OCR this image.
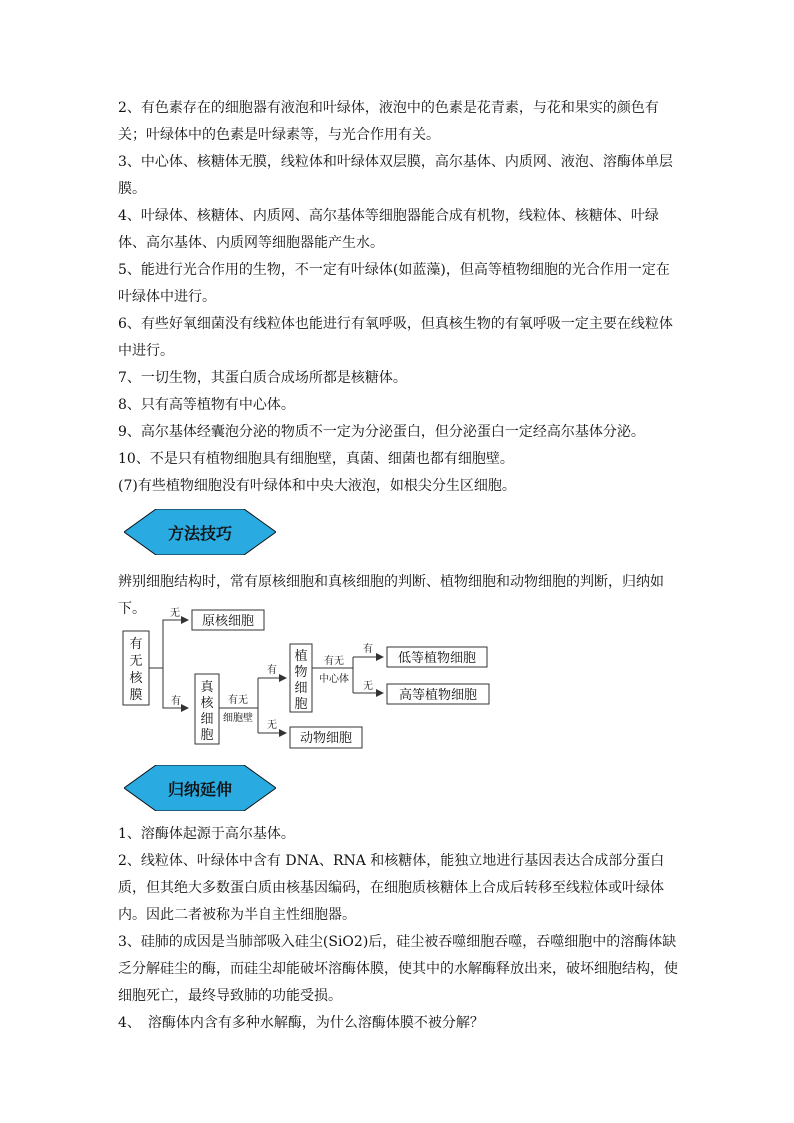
2、有色素存在的细胞器有液泡和叶绿体，液泡中的色素是花青素，与花和果实的颜色有关；叶绿体中的色素是叶绿素等，与光合作用有关。

3、中心体、核糖体无膜，线粒体和叶绿体双层膜，高尔基体、内质网、液泡、溶酶体单层膜。

4、叶绿体、核糖体、内质网、高尔基体等细胞器能合成有机物，线粒体、核糖体、叶绿体、高尔基体、内质网等细胞器能产生水。

5、能进行光合作用的生物，不一定有叶绿体(如蓝藻)，但高等植物细胞的光合作用一定在叶绿体中进行。

6、有些好氧细菌没有线粒体也能进行有氧呼吸，但真核生物的有氧呼吸一定主要在线粒体中进行。

7、一切生物，其蛋白质合成场所都是核糖体。

8、只有高等植物有中心体。

9、高尔基体经囊泡分泌的物质不一定为分泌蛋白，但分泌蛋白一定经高尔基体分泌。

10、不是只有植物细胞具有细胞壁，真菌、细菌也都有细胞壁。

(7)有些植物细胞没有叶绿体和中央大液泡，如根尖分生区细胞。

方法技巧

辨别细胞结构时，常有原核细胞和真核细胞的判断、植物细胞和动物细胞的判断，归纳如下。

有
无
核
膜
无
有
原核细胞
真
核
细
胞
有无
细胞壁
有
无
植
物
细
胞
动物细胞
有无
中心体
有
无
低等植物细胞
高等植物细胞
归纳延伸

1、溶酶体起源于高尔基体。

2、线粒体、叶绿体中含有 DNA、RNA 和核糖体，能独立地进行基因表达合成部分蛋白质，但其绝大多数蛋白质由核基因编码，在细胞质核糖体上合成后转移至线粒体或叶绿体内。因此二者被称为半自主性细胞器。

3、硅肺的成因是当肺部吸入硅尘(SiO2)后，硅尘被吞噬细胞吞噬，吞噬细胞中的溶酶体缺乏分解硅尘的酶，而硅尘却能破坏溶酶体膜，使其中的水解酶释放出来，破坏细胞结构，使细胞死亡，最终导致肺的功能受损。

4、　溶酶体内含有多种水解酶，为什么溶酶体膜不被分解？
